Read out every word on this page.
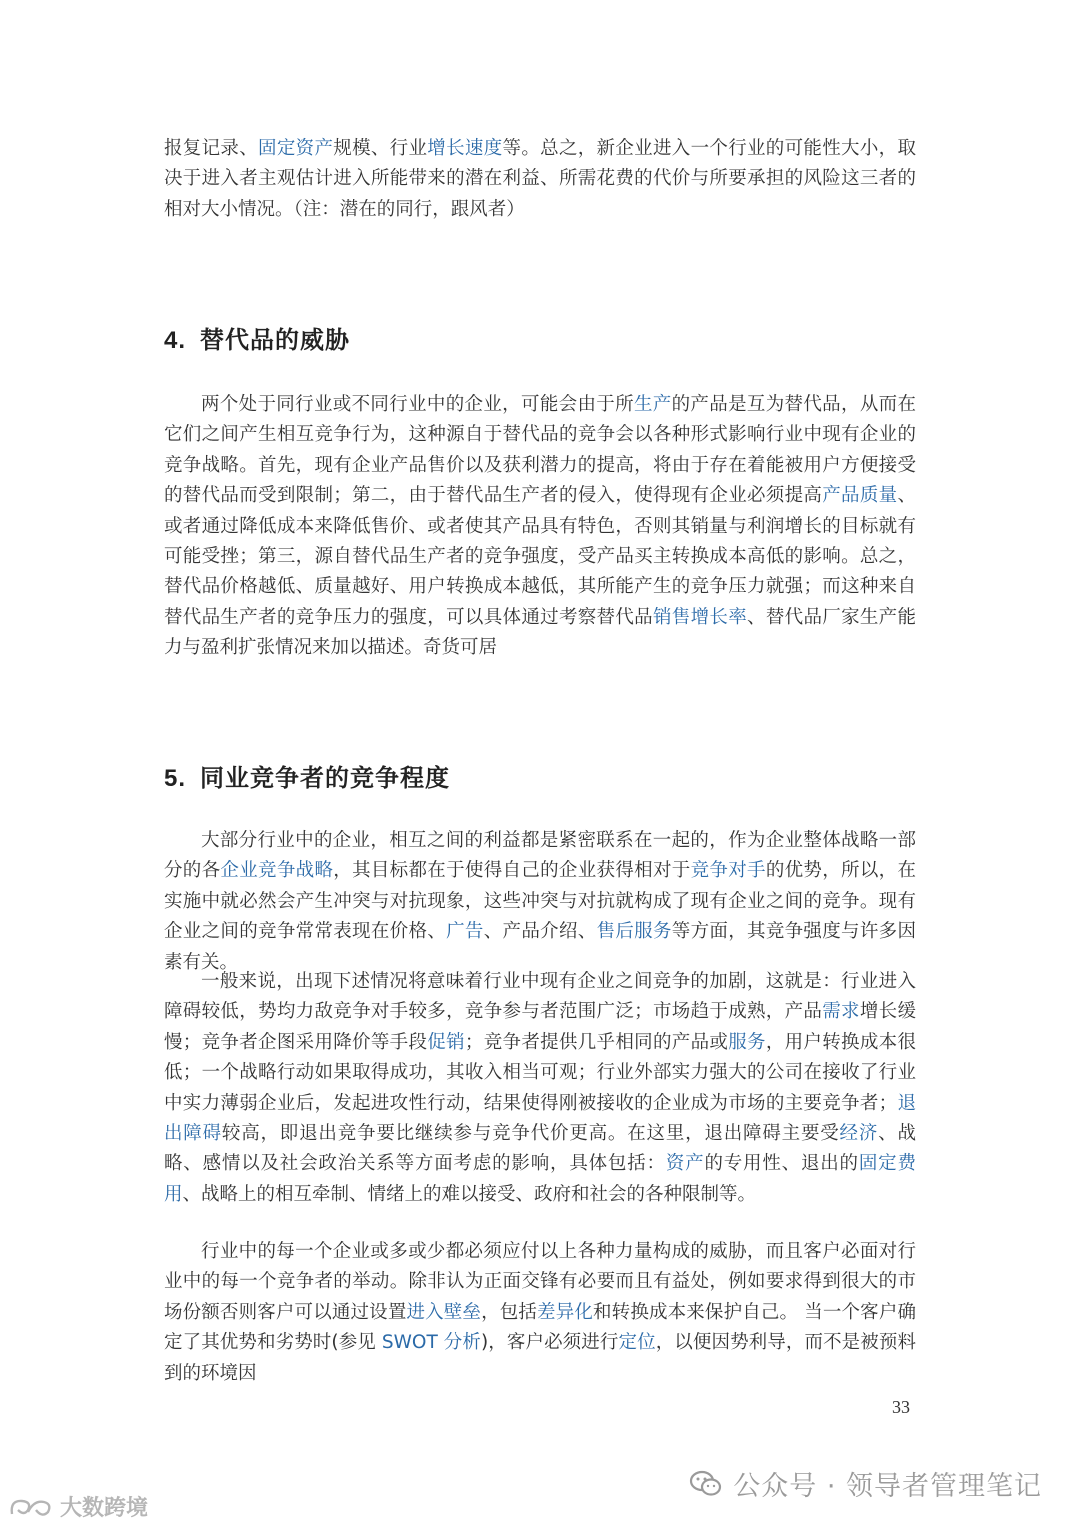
报复记录、固定资产规模、行业增长速度等。总之，新企业进入一个行业的可能性大小，取决于进入者主观估计进入所能带来的潜在利益、所需花费的代价与所要承担的风险这三者的相对大小情况。（注：潜在的同行，跟风者）

4. 替代品的威胁

两个处于同行业或不同行业中的企业，可能会由于所生产的产品是互为替代品，从而在它们之间产生相互竞争行为，这种源自于替代品的竞争会以各种形式影响行业中现有企业的竞争战略。首先，现有企业产品售价以及获利潜力的提高，将由于存在着能被用户方便接受的替代品而受到限制；第二，由于替代品生产者的侵入，使得现有企业必须提高产品质量、或者通过降低成本来降低售价、或者使其产品具有特色，否则其销量与利润增长的目标就有可能受挫；第三，源自替代品生产者的竞争强度，受产品买主转换成本高低的影响。总之，替代品价格越低、质量越好、用户转换成本越低，其所能产生的竞争压力就强；而这种来自替代品生产者的竞争压力的强度，可以具体通过考察替代品销售增长率、替代品厂家生产能力与盈利扩张情况来加以描述。奇货可居

5. 同业竞争者的竞争程度

大部分行业中的企业，相互之间的利益都是紧密联系在一起的，作为企业整体战略一部分的各企业竞争战略，其目标都在于使得自己的企业获得相对于竞争对手的优势，所以，在实施中就必然会产生冲突与对抗现象，这些冲突与对抗就构成了现有企业之间的竞争。现有企业之间的竞争常常表现在价格、广告、产品介绍、售后服务等方面，其竞争强度与许多因素有关。

一般来说，出现下述情况将意味着行业中现有企业之间竞争的加剧，这就是：行业进入障碍较低，势均力敌竞争对手较多，竞争参与者范围广泛；市场趋于成熟，产品需求增长缓慢；竞争者企图采用降价等手段促销；竞争者提供几乎相同的产品或服务，用户转换成本很低；一个战略行动如果取得成功，其收入相当可观；行业外部实力强大的公司在接收了行业中实力薄弱企业后，发起进攻性行动，结果使得刚被接收的企业成为市场的主要竞争者；退出障碍较高，即退出竞争要比继续参与竞争代价更高。在这里，退出障碍主要受经济、战略、感情以及社会政治关系等方面考虑的影响，具体包括：资产的专用性、退出的固定费用、战略上的相互牵制、情绪上的难以接受、政府和社会的各种限制等。

行业中的每一个企业或多或少都必须应付以上各种力量构成的威胁，而且客户必面对行业中的每一个竞争者的举动。除非认为正面交锋有必要而且有益处，例如要求得到很大的市场份额否则客户可以通过设置进入壁垒，包括差异化和转换成本来保护自己。 当一个客户确定了其优势和劣势时(参见 SWOT 分析)，客户必须进行定位，以便因势利导，而不是被预料到的环境因

33
公众号 · 领导者管理笔记
大数跨境
